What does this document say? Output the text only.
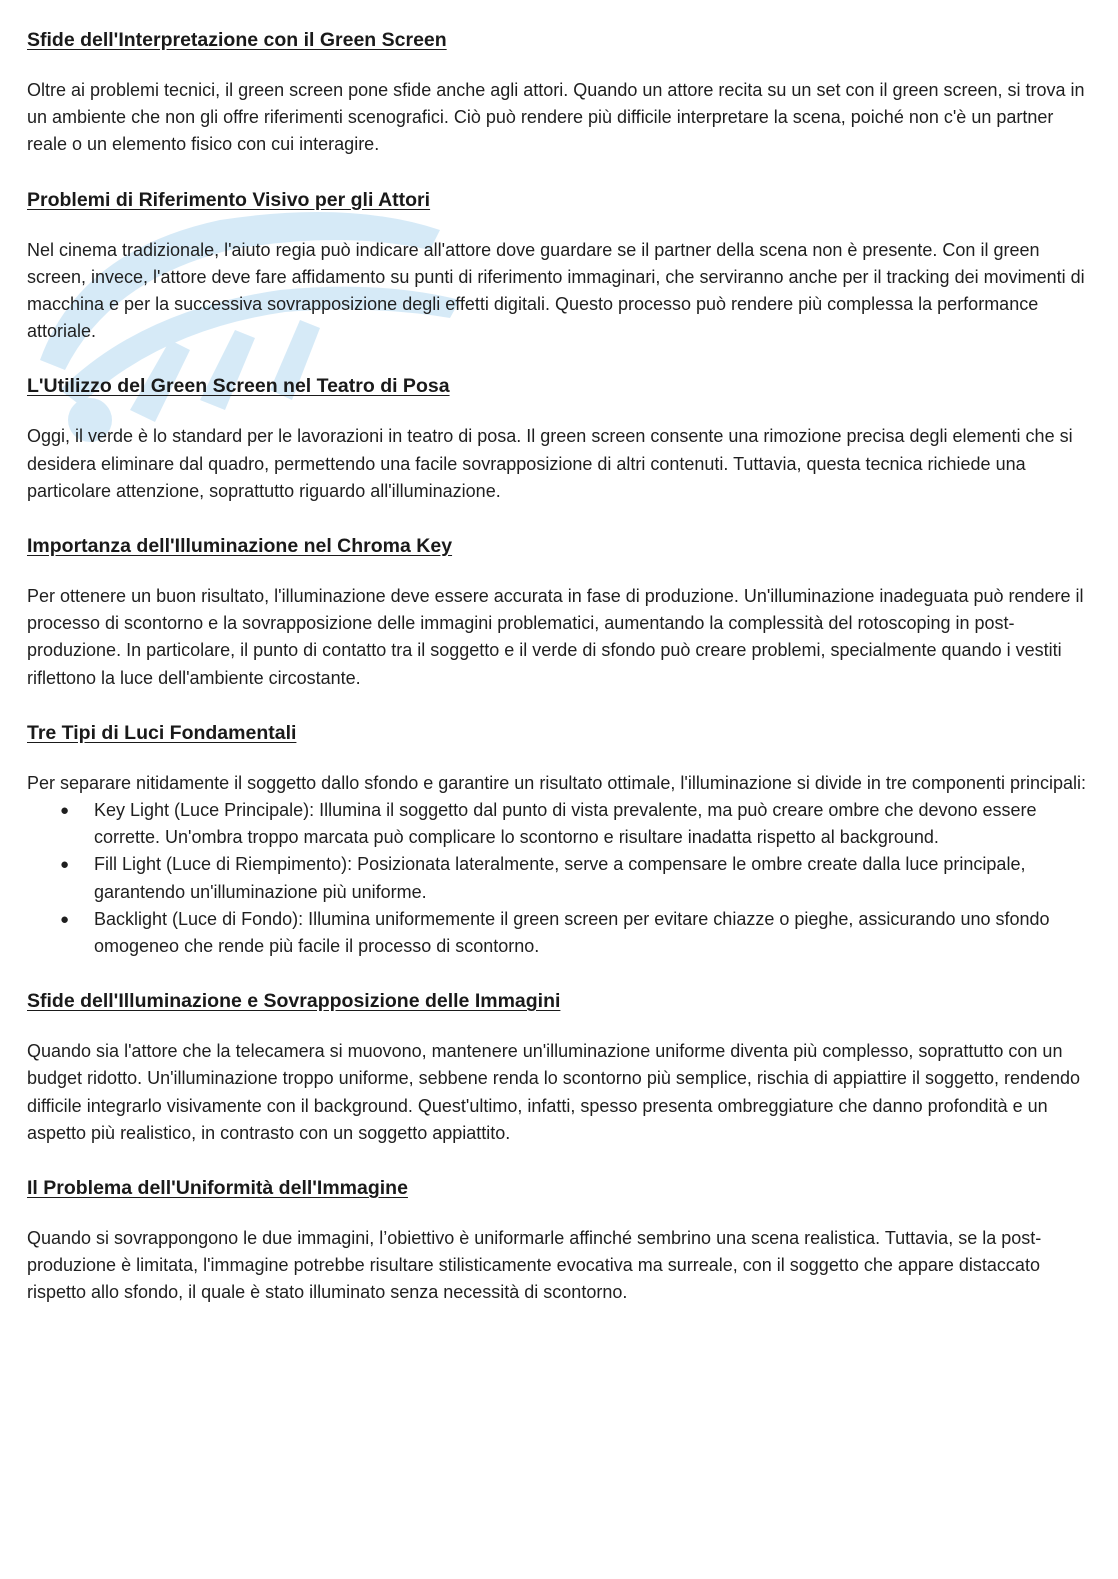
Sfide dell'Interpretazione con il Green Screen

Oltre ai problemi tecnici, il green screen pone sfide anche agli attori. Quando un attore recita su un set con il green screen, si trova in un ambiente che non gli offre riferimenti scenografici. Ciò può rendere più difficile interpretare la scena, poiché non c'è un partner reale o un elemento fisico con cui interagire.

Problemi di Riferimento Visivo per gli Attori

Nel cinema tradizionale, l'aiuto regia può indicare all'attore dove guardare se il partner della scena non è presente. Con il green screen, invece, l'attore deve fare affidamento su punti di riferimento immaginari, che serviranno anche per il tracking dei movimenti di macchina e per la successiva sovrapposizione degli effetti digitali. Questo processo può rendere più complessa la performance attoriale.

L'Utilizzo del Green Screen nel Teatro di Posa

Oggi, il verde è lo standard per le lavorazioni in teatro di posa. Il green screen consente una rimozione precisa degli elementi che si desidera eliminare dal quadro, permettendo una facile sovrapposizione di altri contenuti. Tuttavia, questa tecnica richiede una particolare attenzione, soprattutto riguardo all'illuminazione.

Importanza dell'Illuminazione nel Chroma Key

Per ottenere un buon risultato, l'illuminazione deve essere accurata in fase di produzione. Un'illuminazione inadeguata può rendere il processo di scontorno e la sovrapposizione delle immagini problematici, aumentando la complessità del rotoscoping in post-produzione. In particolare, il punto di contatto tra il soggetto e il verde di sfondo può creare problemi, specialmente quando i vestiti riflettono la luce dell'ambiente circostante.

Tre Tipi di Luci Fondamentali

Per separare nitidamente il soggetto dallo sfondo e garantire un risultato ottimale, l'illuminazione si divide in tre componenti principali:

● Key Light (Luce Principale): Illumina il soggetto dal punto di vista prevalente, ma può creare ombre che devono essere corrette. Un'ombra troppo marcata può complicare lo scontorno e risultare inadatta rispetto al background.
● Fill Light (Luce di Riempimento): Posizionata lateralmente, serve a compensare le ombre create dalla luce principale, garantendo un'illuminazione più uniforme.
● Backlight (Luce di Fondo): Illumina uniformemente il green screen per evitare chiazze o pieghe, assicurando uno sfondo omogeneo che rende più facile il processo di scontorno.
Sfide dell'Illuminazione e Sovrapposizione delle Immagini

Quando sia l'attore che la telecamera si muovono, mantenere un'illuminazione uniforme diventa più complesso, soprattutto con un budget ridotto. Un'illuminazione troppo uniforme, sebbene renda lo scontorno più semplice, rischia di appiattire il soggetto, rendendo difficile integrarlo visivamente con il background. Quest'ultimo, infatti, spesso presenta ombreggiature che danno profondità e un aspetto più realistico, in contrasto con un soggetto appiattito.

Il Problema dell'Uniformità dell'Immagine

Quando si sovrappongono le due immagini, l’obiettivo è uniformarle affinché sembrino una scena realistica. Tuttavia, se la post-produzione è limitata, l'immagine potrebbe risultare stilisticamente evocativa ma surreale, con il soggetto che appare distaccato rispetto allo sfondo, il quale è stato illuminato senza necessità di scontorno.
